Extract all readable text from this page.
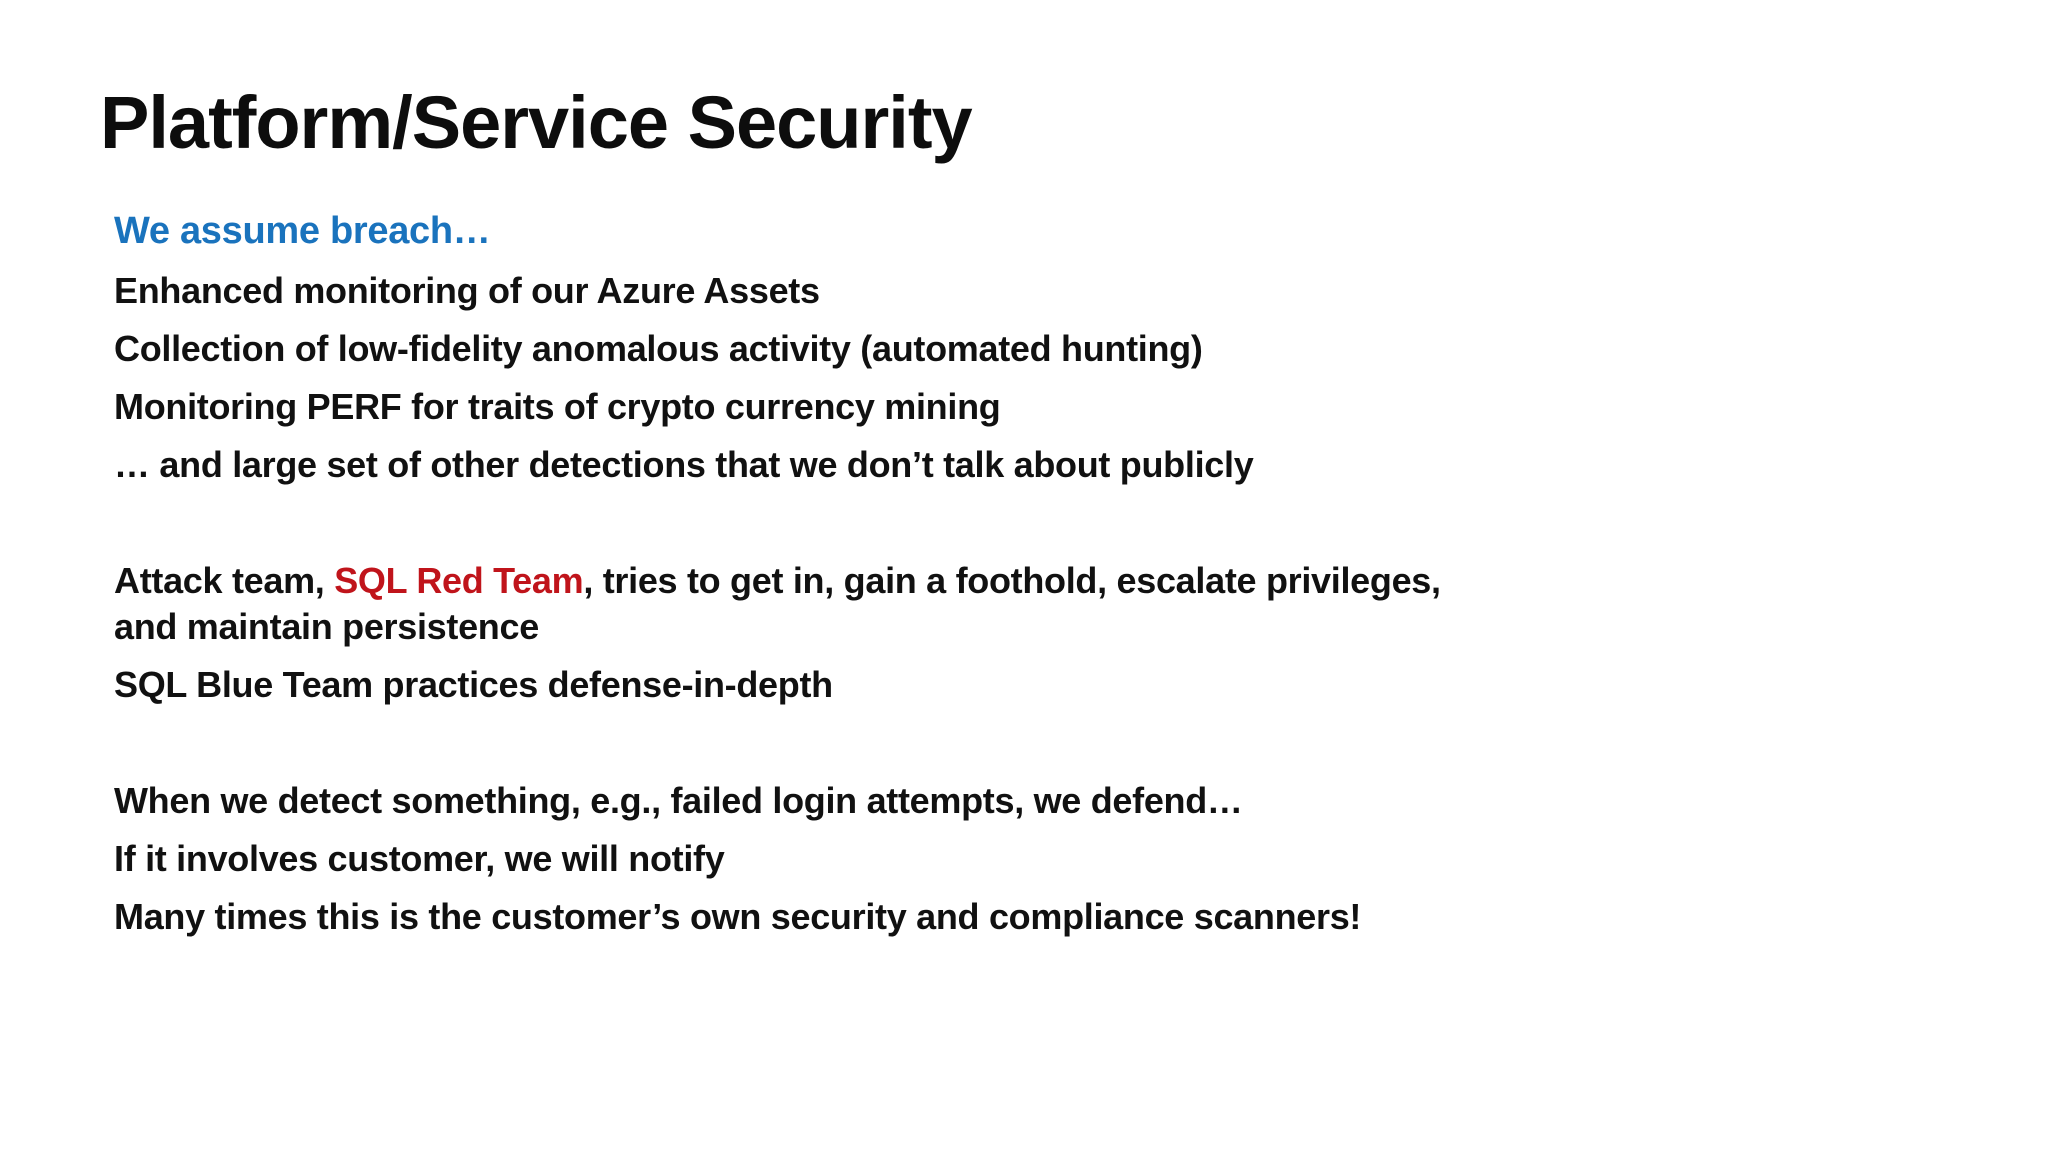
Platform/Service Security

We assume breach…

Enhanced monitoring of our Azure Assets

Collection of low-fidelity anomalous activity (automated hunting)

Monitoring PERF for traits of crypto currency mining

… and large set of other detections that we don’t talk about publicly

Attack team, SQL Red Team, tries to get in, gain a foothold, escalate privileges,
and maintain persistence

SQL Blue Team practices defense-in-depth

When we detect something, e.g., failed login attempts, we defend…

If it involves customer, we will notify

Many times this is the customer’s own security and compliance scanners!
